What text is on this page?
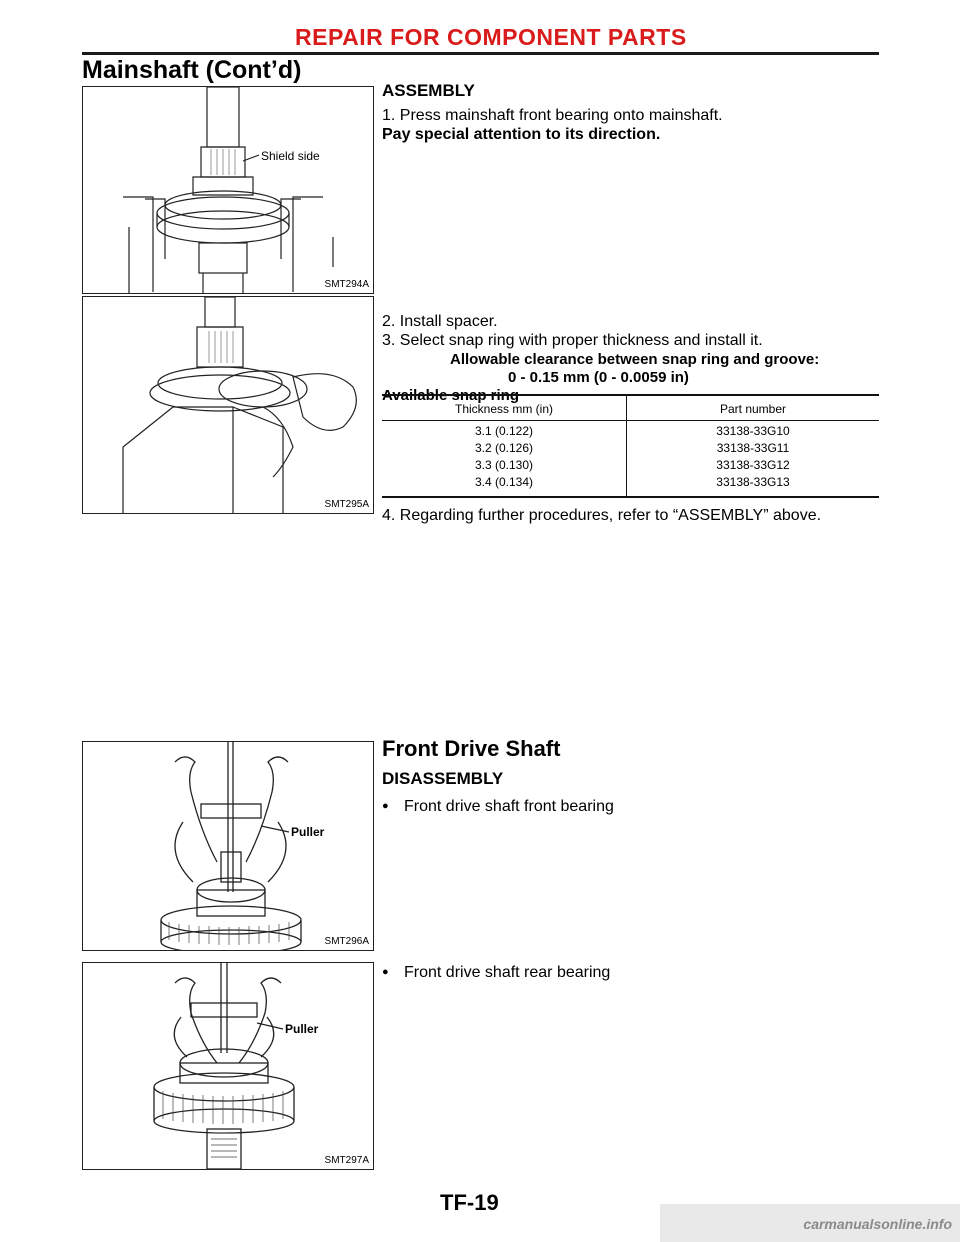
REPAIR FOR COMPONENT PARTS
Mainshaft (Cont’d)
Shield side
SMT294A
ASSEMBLY
1. Press mainshaft front bearing onto mainshaft.
Pay special attention to its direction.
SMT295A
2. Install spacer.
3. Select snap ring with proper thickness and install it.
Allowable clearance between snap ring and groove:
0 - 0.15 mm (0 - 0.0059 in)
Thickness mm (in)	Part number
3.1 (0.122)
3.2 (0.126)
3.3 (0.130)
3.4 (0.134)
33138-33G10
33138-33G11
33138-33G12
33138-33G13
4. Regarding further procedures, refer to “ASSEMBLY” above.
Front Drive Shaft
DISASSEMBLY
● Front drive shaft front bearing
● Front drive shaft rear bearing
Puller
SMT296A
Puller
SMT297A
TF-19
carmanualsonline.info
